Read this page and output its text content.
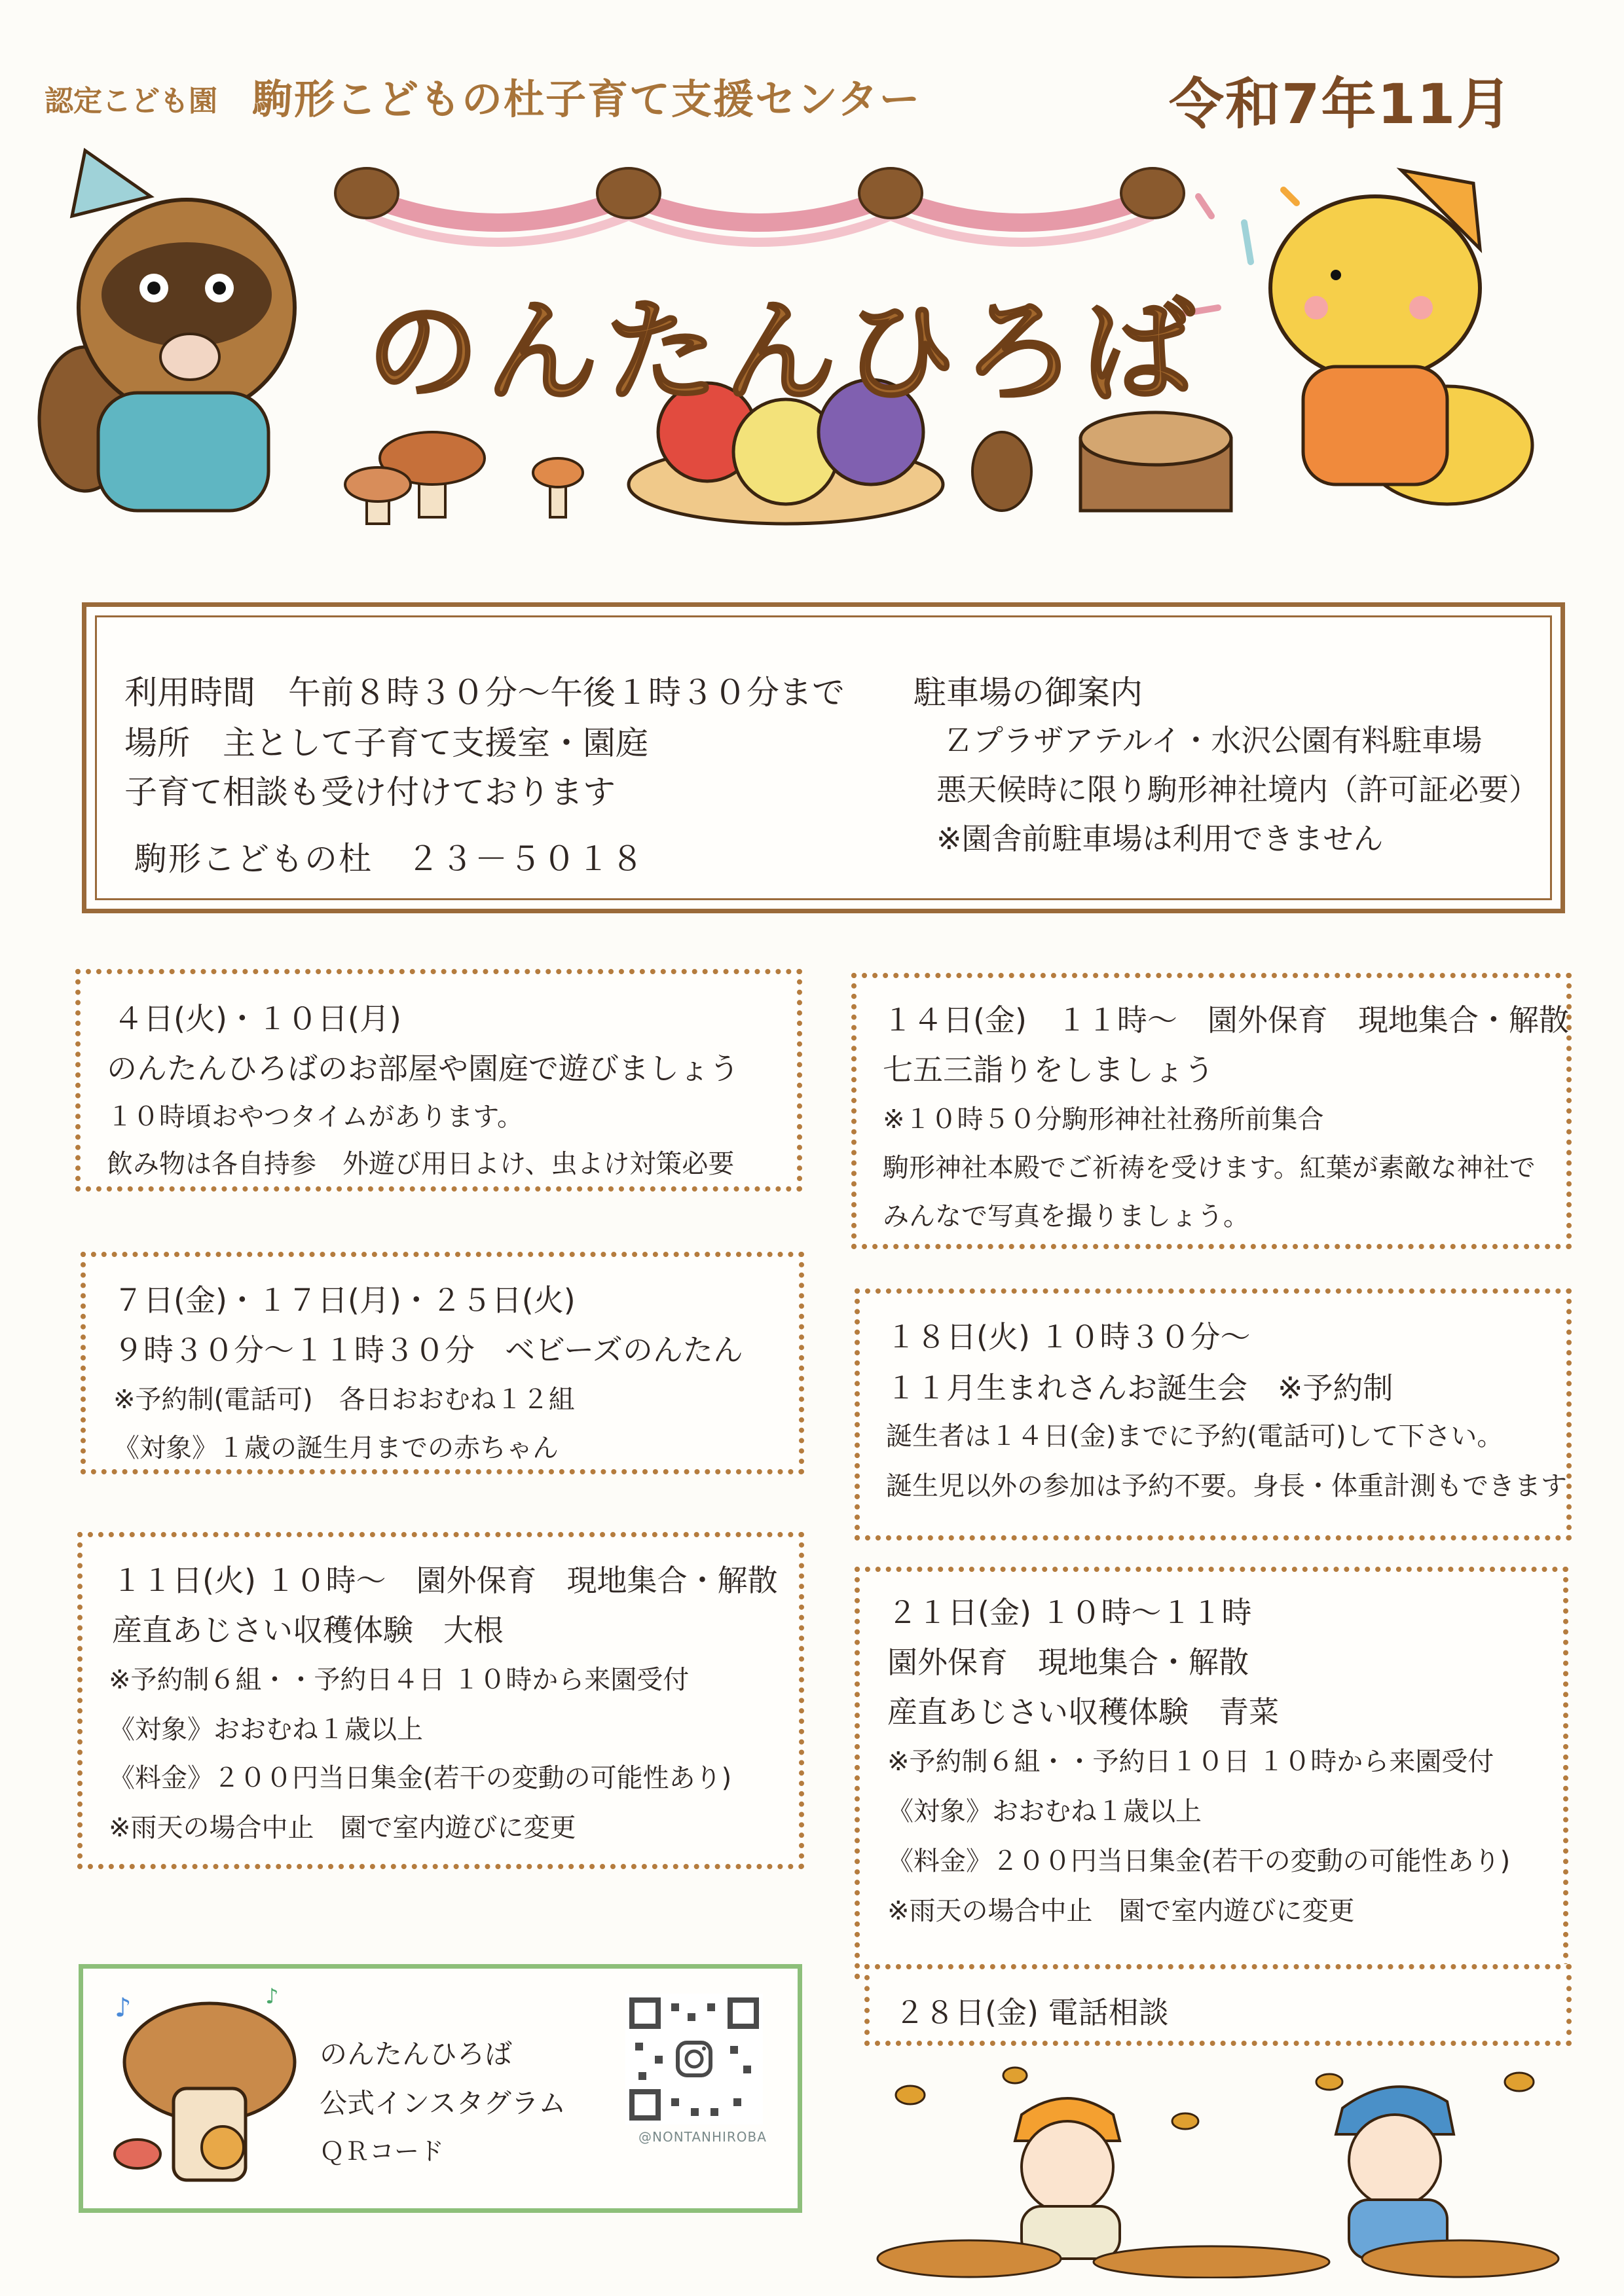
認定こども園 駒形こどもの杜子育て支援センター	令和7年11月
のんたんひろば
利用時間　午前８時３０分～午後１時３０分まで
場所　主として子育て支援室・園庭
子育て相談も受け付けております
駒形こどもの杜　２３－５０１８
駐車場の御案内
Ｚプラザアテルイ・水沢公園有料駐車場
悪天候時に限り駒形神社境内（許可証必要）
※園舎前駐車場は利用できません
４日(火)・１０日(月)
のんたんひろばのお部屋や園庭で遊びましょう
１０時頃おやつタイムがあります。
飲み物は各自持参　外遊び用日よけ、虫よけ対策必要
７日(金)・１７日(月)・２５日(火)
９時３０分～１１時３０分　ベビーズのんたん
※予約制(電話可)　各日おおむね１２組
《対象》１歳の誕生月までの赤ちゃん
１１日(火) １０時～　園外保育　現地集合・解散
産直あじさい収穫体験　大根
※予約制６組・・予約日４日 １０時から来園受付
《対象》おおむね１歳以上
《料金》２００円当日集金(若干の変動の可能性あり)
※雨天の場合中止　園で室内遊びに変更
１４日(金)　１１時～　園外保育　現地集合・解散
七五三詣りをしましょう
※１０時５０分駒形神社社務所前集合
駒形神社本殿でご祈祷を受けます。紅葉が素敵な神社で
みんなで写真を撮りましょう。
１８日(火) １０時３０分～
１１月生まれさんお誕生会　※予約制
誕生者は１４日(金)までに予約(電話可)して下さい。
誕生児以外の参加は予約不要。身長・体重計測もできます
２１日(金) １０時～１１時
園外保育　現地集合・解散
産直あじさい収穫体験　青菜
※予約制６組・・予約日１０日 １０時から来園受付
《対象》おおむね１歳以上
《料金》２００円当日集金(若干の変動の可能性あり)
※雨天の場合中止　園で室内遊びに変更
２８日(金) 電話相談
♪	♪
のんたんひろば
公式インスタグラム
ＱＲコード	@NONTANHIROBA
